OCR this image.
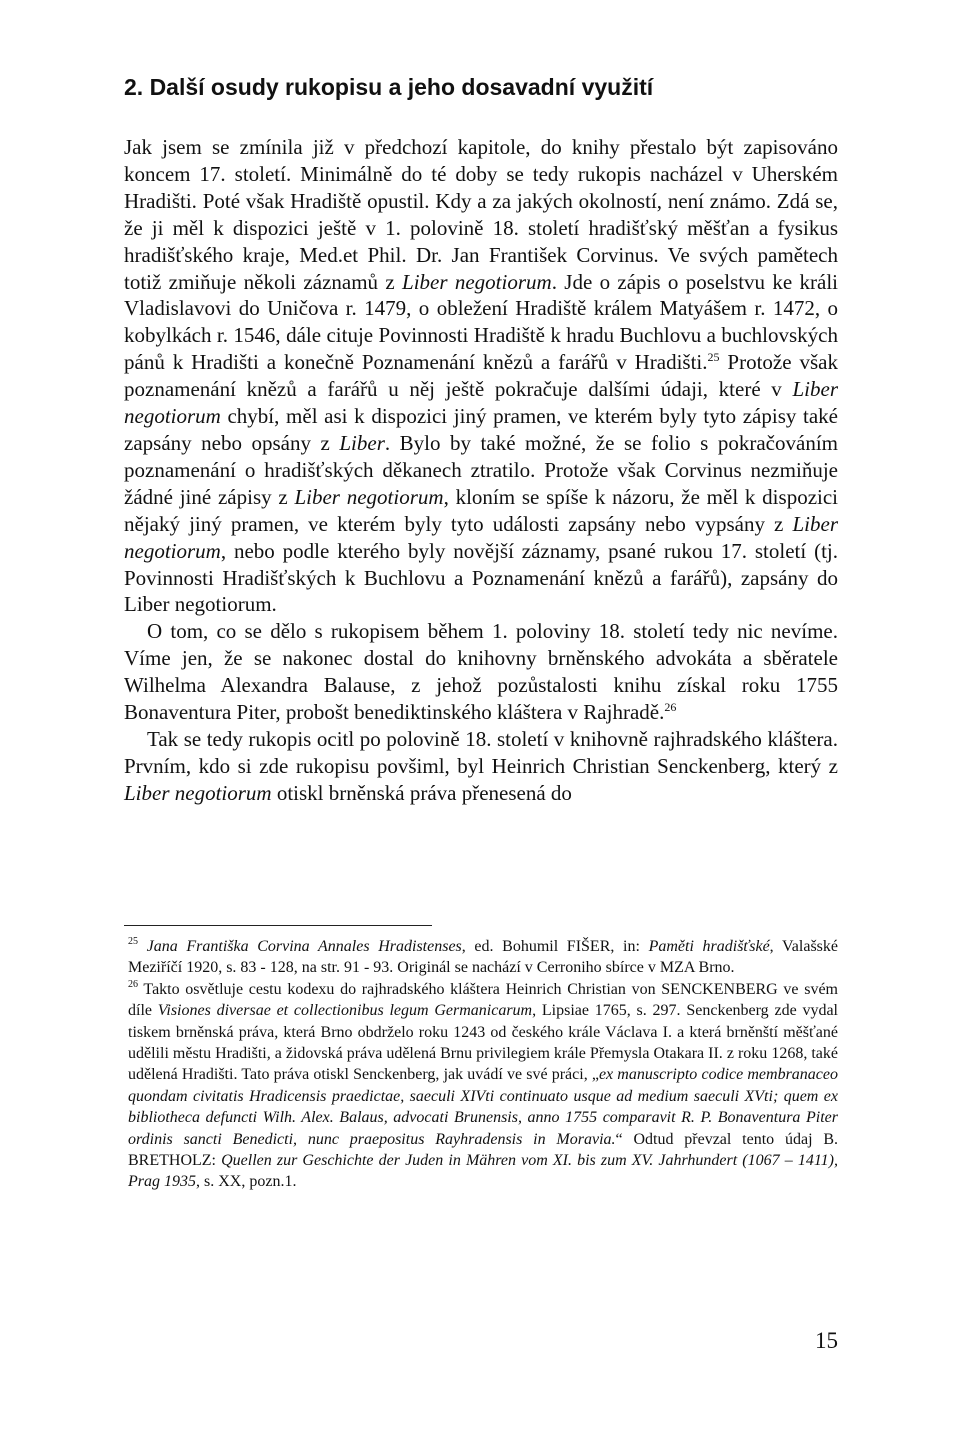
2. Další osudy rukopisu a jeho dosavadní využití

Jak jsem se zmínila již v předchozí kapitole, do knihy přestalo být zapisováno koncem 17. století. Minimálně do té doby se tedy rukopis nacházel v Uherském Hradišti. Poté však Hradiště opustil. Kdy a za jakých okolností, není známo. Zdá se, že ji měl k dispozici ještě v 1. polovině 18. století hradišťský měšťan a fysikus hradišťského kraje, Med.et Phil. Dr. Jan František Corvinus. Ve svých pamětech totiž zmiňuje několi záznamů z Liber negotiorum. Jde o zápis o poselstvu ke králi Vladislavovi do Uničova r. 1479, o obležení Hradiště králem Matyášem r. 1472, o kobylkách r. 1546, dále cituje Povinnosti Hradiště k hradu Buchlovu a buchlovských pánů k Hradišti a konečně Poznamenání knězů a farářů v Hradišti.$^{25}$ Protože však poznamenání knězů a farářů u něj ještě pokračuje dalšími údaji, které v Liber negotiorum chybí, měl asi k dispozici jiný pramen, ve kterém byly tyto zápisy také zapsány nebo opsány z Liber. Bylo by také možné, že se folio s pokračováním poznamenání o hradišťských děkanech ztratilo. Protože však Corvinus nezmiňuje žádné jiné zápisy z Liber negotiorum, kloním se spíše k názoru, že měl k dispozici nějaký jiný pramen, ve kterém byly tyto události zapsány nebo vypsány z Liber negotiorum, nebo podle kterého byly novější záznamy, psané rukou 17. století (tj. Povinnosti Hradišťských k Buchlovu a Poznamenání knězů a farářů), zapsány do Liber negotiorum.

O tom, co se dělo s rukopisem během 1. poloviny 18. století tedy nic nevíme. Víme jen, že se nakonec dostal do knihovny brněnského advokáta a sběratele Wilhelma Alexandra Balause, z jehož pozůstalosti knihu získal roku 1755 Bonaventura Piter, probošt benediktinského kláštera v Rajhradě.$^{26}$

Tak se tedy rukopis ocitl po polovině 18. století v knihovně rajhradského kláštera. Prvním, kdo si zde rukopisu povšiml, byl Heinrich Christian Senckenberg, který z Liber negotiorum otiskl brněnská práva přenesená do

$^{25}$ Jana Františka Corvina Annales Hradistenses, ed. Bohumil FIŠER, in: Paměti hradišťské, Valašské Meziříčí 1920, s. 83 - 128, na str. 91 - 93. Originál se nachází v Cerroniho sbírce v MZA Brno.

$^{26}$ Takto osvětluje cestu kodexu do rajhradského kláštera Heinrich Christian von SENCKENBERG ve svém díle Visiones diversae et collectionibus legum Germanicarum, Lipsiae 1765, s. 297. Senckenberg zde vydal tiskem brněnská práva, která Brno obdrželo roku 1243 od českého krále Václava I. a která brněnští měšťané udělili městu Hradišti, a židovská práva udělená Brnu privilegiem krále Přemysla Otakara II. z roku 1268, také udělená Hradišti. Tato práva otiskl Senckenberg, jak uvádí ve své práci, „ex manuscripto codice membranaceo quondam civitatis Hradicensis praedictae, saeculi XIVti continuato usque ad medium saeculi XVti; quem ex bibliotheca defuncti Wilh. Alex. Balaus, advocati Brunensis, anno 1755 comparavit R. P. Bonaventura Piter ordinis sancti Benedicti, nunc praepositus Rayhradensis in Moravia.“ Odtud převzal tento údaj B. BRETHOLZ: Quellen zur Geschichte der Juden in Mähren vom XI. bis zum XV. Jahrhundert (1067 – 1411), Prag 1935, s. XX, pozn.1.

15
